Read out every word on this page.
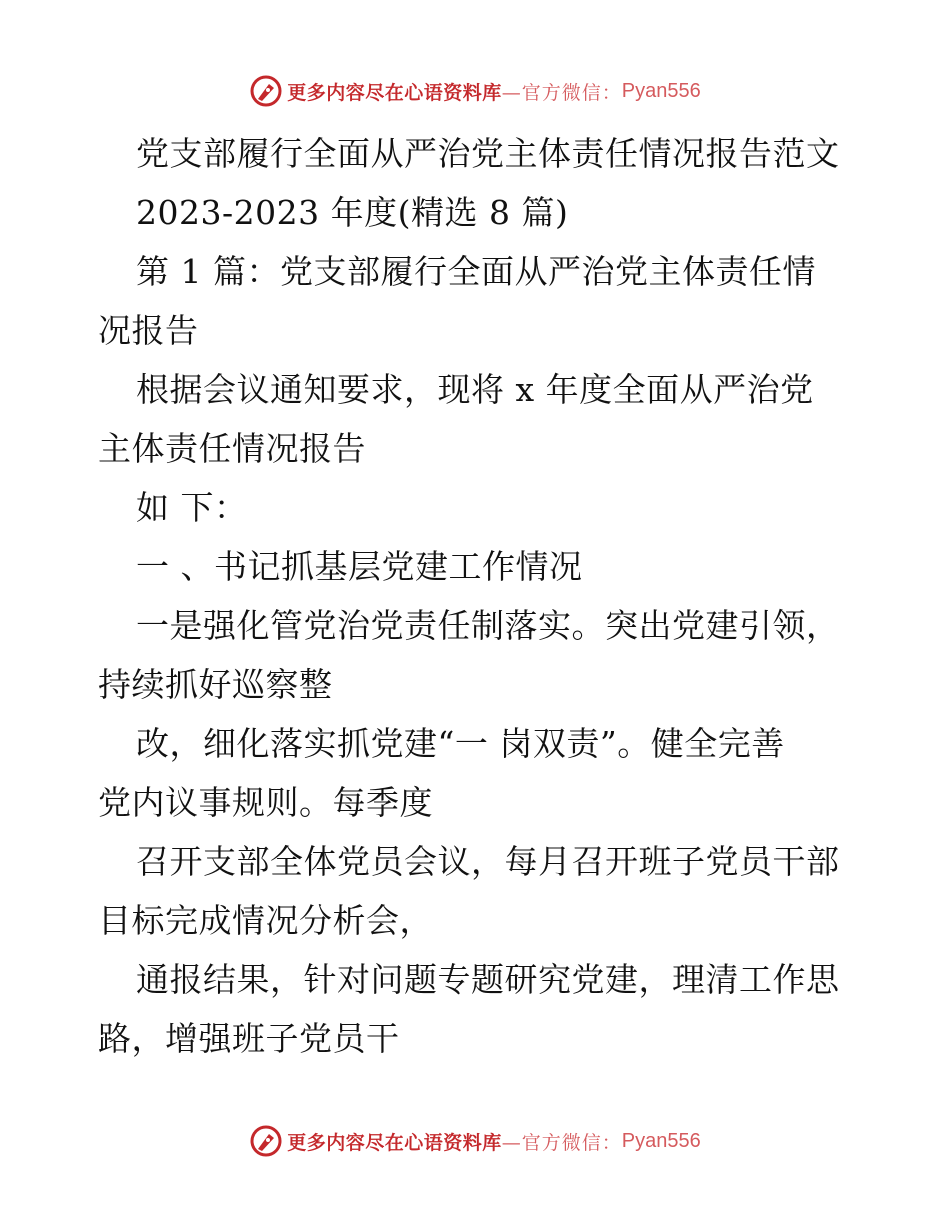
更多内容尽在心语资料库 —官方微信： Pyan556
党支部履行全面从严治党主体责任情况报告范文
2023-2023 年度(精选 8 篇)
第 1 篇：党支部履行全面从严治党主体责任情
况报告
根据会议通知要求，现将 x 年度全面从严治党
主体责任情况报告
如 下：
一 、书记抓基层党建工作情况
一是强化管党治党责任制落实。突出党建引领，
持续抓好巡察整
改，细化落实抓党建“一 岗双责”。健全完善
党内议事规则。每季度
召开支部全体党员会议，每月召开班子党员干部
目标完成情况分析会，
通报结果，针对问题专题研究党建，理清工作思
路，增强班子党员干
更多内容尽在心语资料库 —官方微信： Pyan556
